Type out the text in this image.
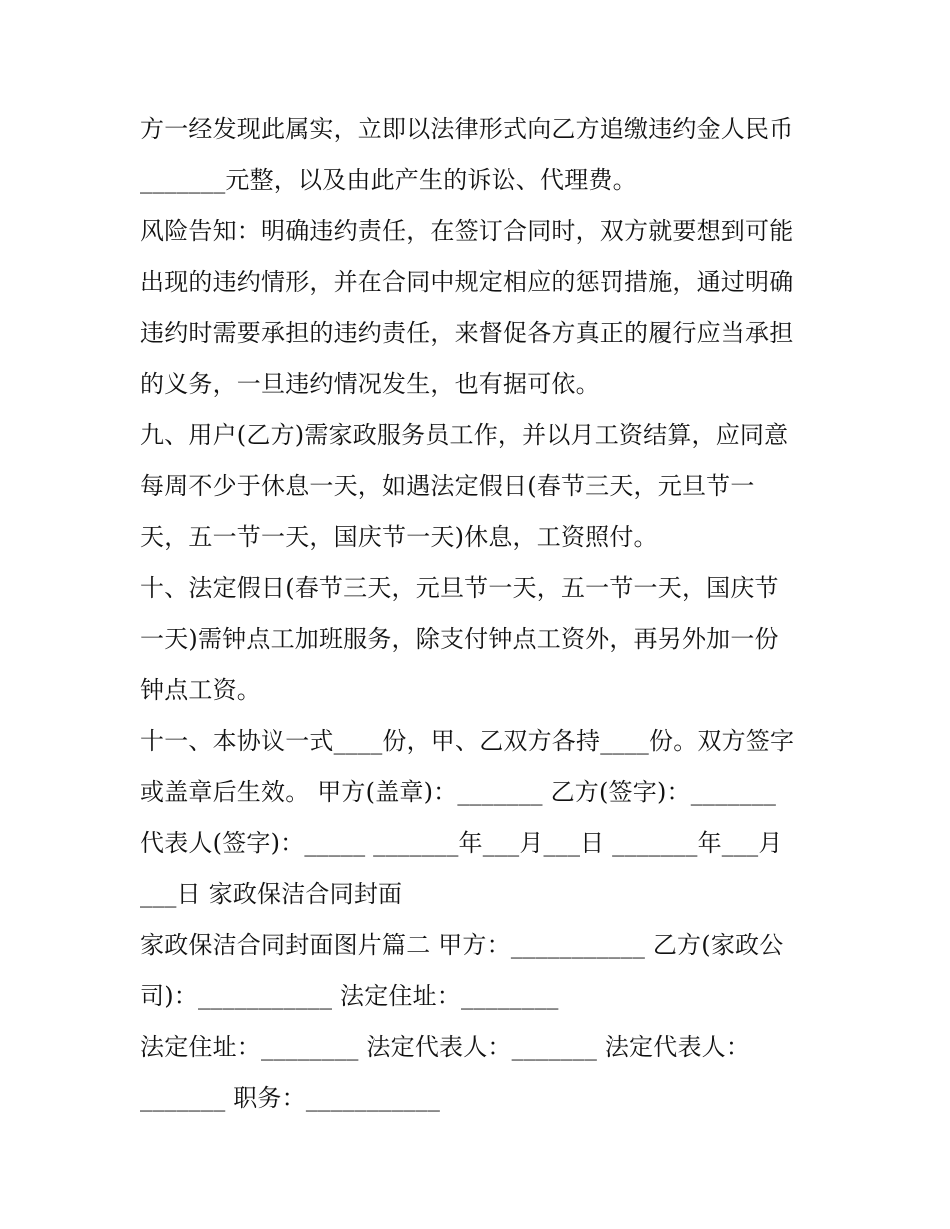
方一经发现此属实，立即以法律形式向乙方追缴违约金人民币
_______元整，以及由此产生的诉讼、代理费。
风险告知：明确违约责任，在签订合同时，双方就要想到可能
出现的违约情形，并在合同中规定相应的惩罚措施，通过明确
违约时需要承担的违约责任，来督促各方真正的履行应当承担
的义务，一旦违约情况发生，也有据可依。
九、用户(乙方)需家政服务员工作，并以月工资结算，应同意
每周不少于休息一天，如遇法定假日(春节三天，元旦节一
天，五一节一天，国庆节一天)休息，工资照付。
十、法定假日(春节三天，元旦节一天，五一节一天，国庆节
一天)需钟点工加班服务，除支付钟点工资外，再另外加一份
钟点工资。
十一、本协议一式____份，甲、乙双方各持____份。双方签字
或盖章后生效。 甲方(盖章)：_______ 乙方(签字)：_______
代表人(签字)：_____ _______年___月___日 _______年___月
___日 家政保洁合同封面
家政保洁合同封面图片篇二 甲方：___________ 乙方(家政公
司)：___________ 法定住址：________
法定住址：________ 法定代表人：_______ 法定代表人：
_______ 职务：___________
